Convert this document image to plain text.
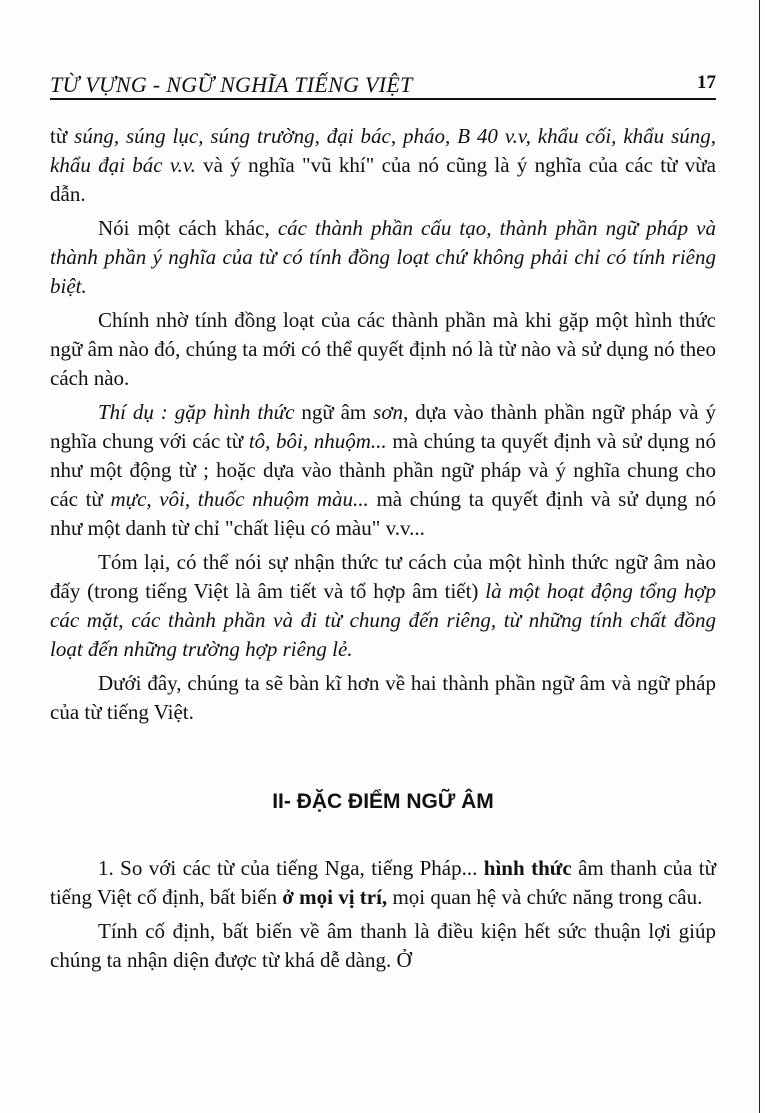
TỪ VỰNG - NGỮ NGHĨA TIẾNG VIỆT	17

từ súng, súng lục, súng trường, đại bác, pháo, B 40 v.v, khẩu cối, khẩu súng, khẩu đại bác v.v. và ý nghĩa "vũ khí" của nó cũng là ý nghĩa của các từ vừa dẫn.

Nói một cách khác, các thành phần cấu tạo, thành phần ngữ pháp và thành phần ý nghĩa của từ có tính đồng loạt chứ không phải chỉ có tính riêng biệt.

Chính nhờ tính đồng loạt của các thành phần mà khi gặp một hình thức ngữ âm nào đó, chúng ta mới có thể quyết định nó là từ nào và sử dụng nó theo cách nào.

Thí dụ : gặp hình thức ngữ âm sơn, dựa vào thành phần ngữ pháp và ý nghĩa chung với các từ tô, bôi, nhuộm... mà chúng ta quyết định và sử dụng nó như một động từ ; hoặc dựa vào thành phần ngữ pháp và ý nghĩa chung cho các từ mực, vôi, thuốc nhuộm màu... mà chúng ta quyết định và sử dụng nó như một danh từ chỉ "chất liệu có màu" v.v...

Tóm lại, có thể nói sự nhận thức tư cách của một hình thức ngữ âm nào đấy (trong tiếng Việt là âm tiết và tổ hợp âm tiết) là một hoạt động tổng hợp các mặt, các thành phần và đi từ chung đến riêng, từ những tính chất đồng loạt đến những trường hợp riêng lẻ.

Dưới đây, chúng ta sẽ bàn kĩ hơn về hai thành phần ngữ âm và ngữ pháp của từ tiếng Việt.

II- ĐẶC ĐIỂM NGỮ ÂM

1. So với các từ của tiếng Nga, tiếng Pháp... hình thức âm thanh của từ tiếng Việt cố định, bất biến ở mọi vị trí, mọi quan hệ và chức năng trong câu.

Tính cố định, bất biến về âm thanh là điều kiện hết sức thuận lợi giúp chúng ta nhận diện được từ khá dễ dàng. Ở
